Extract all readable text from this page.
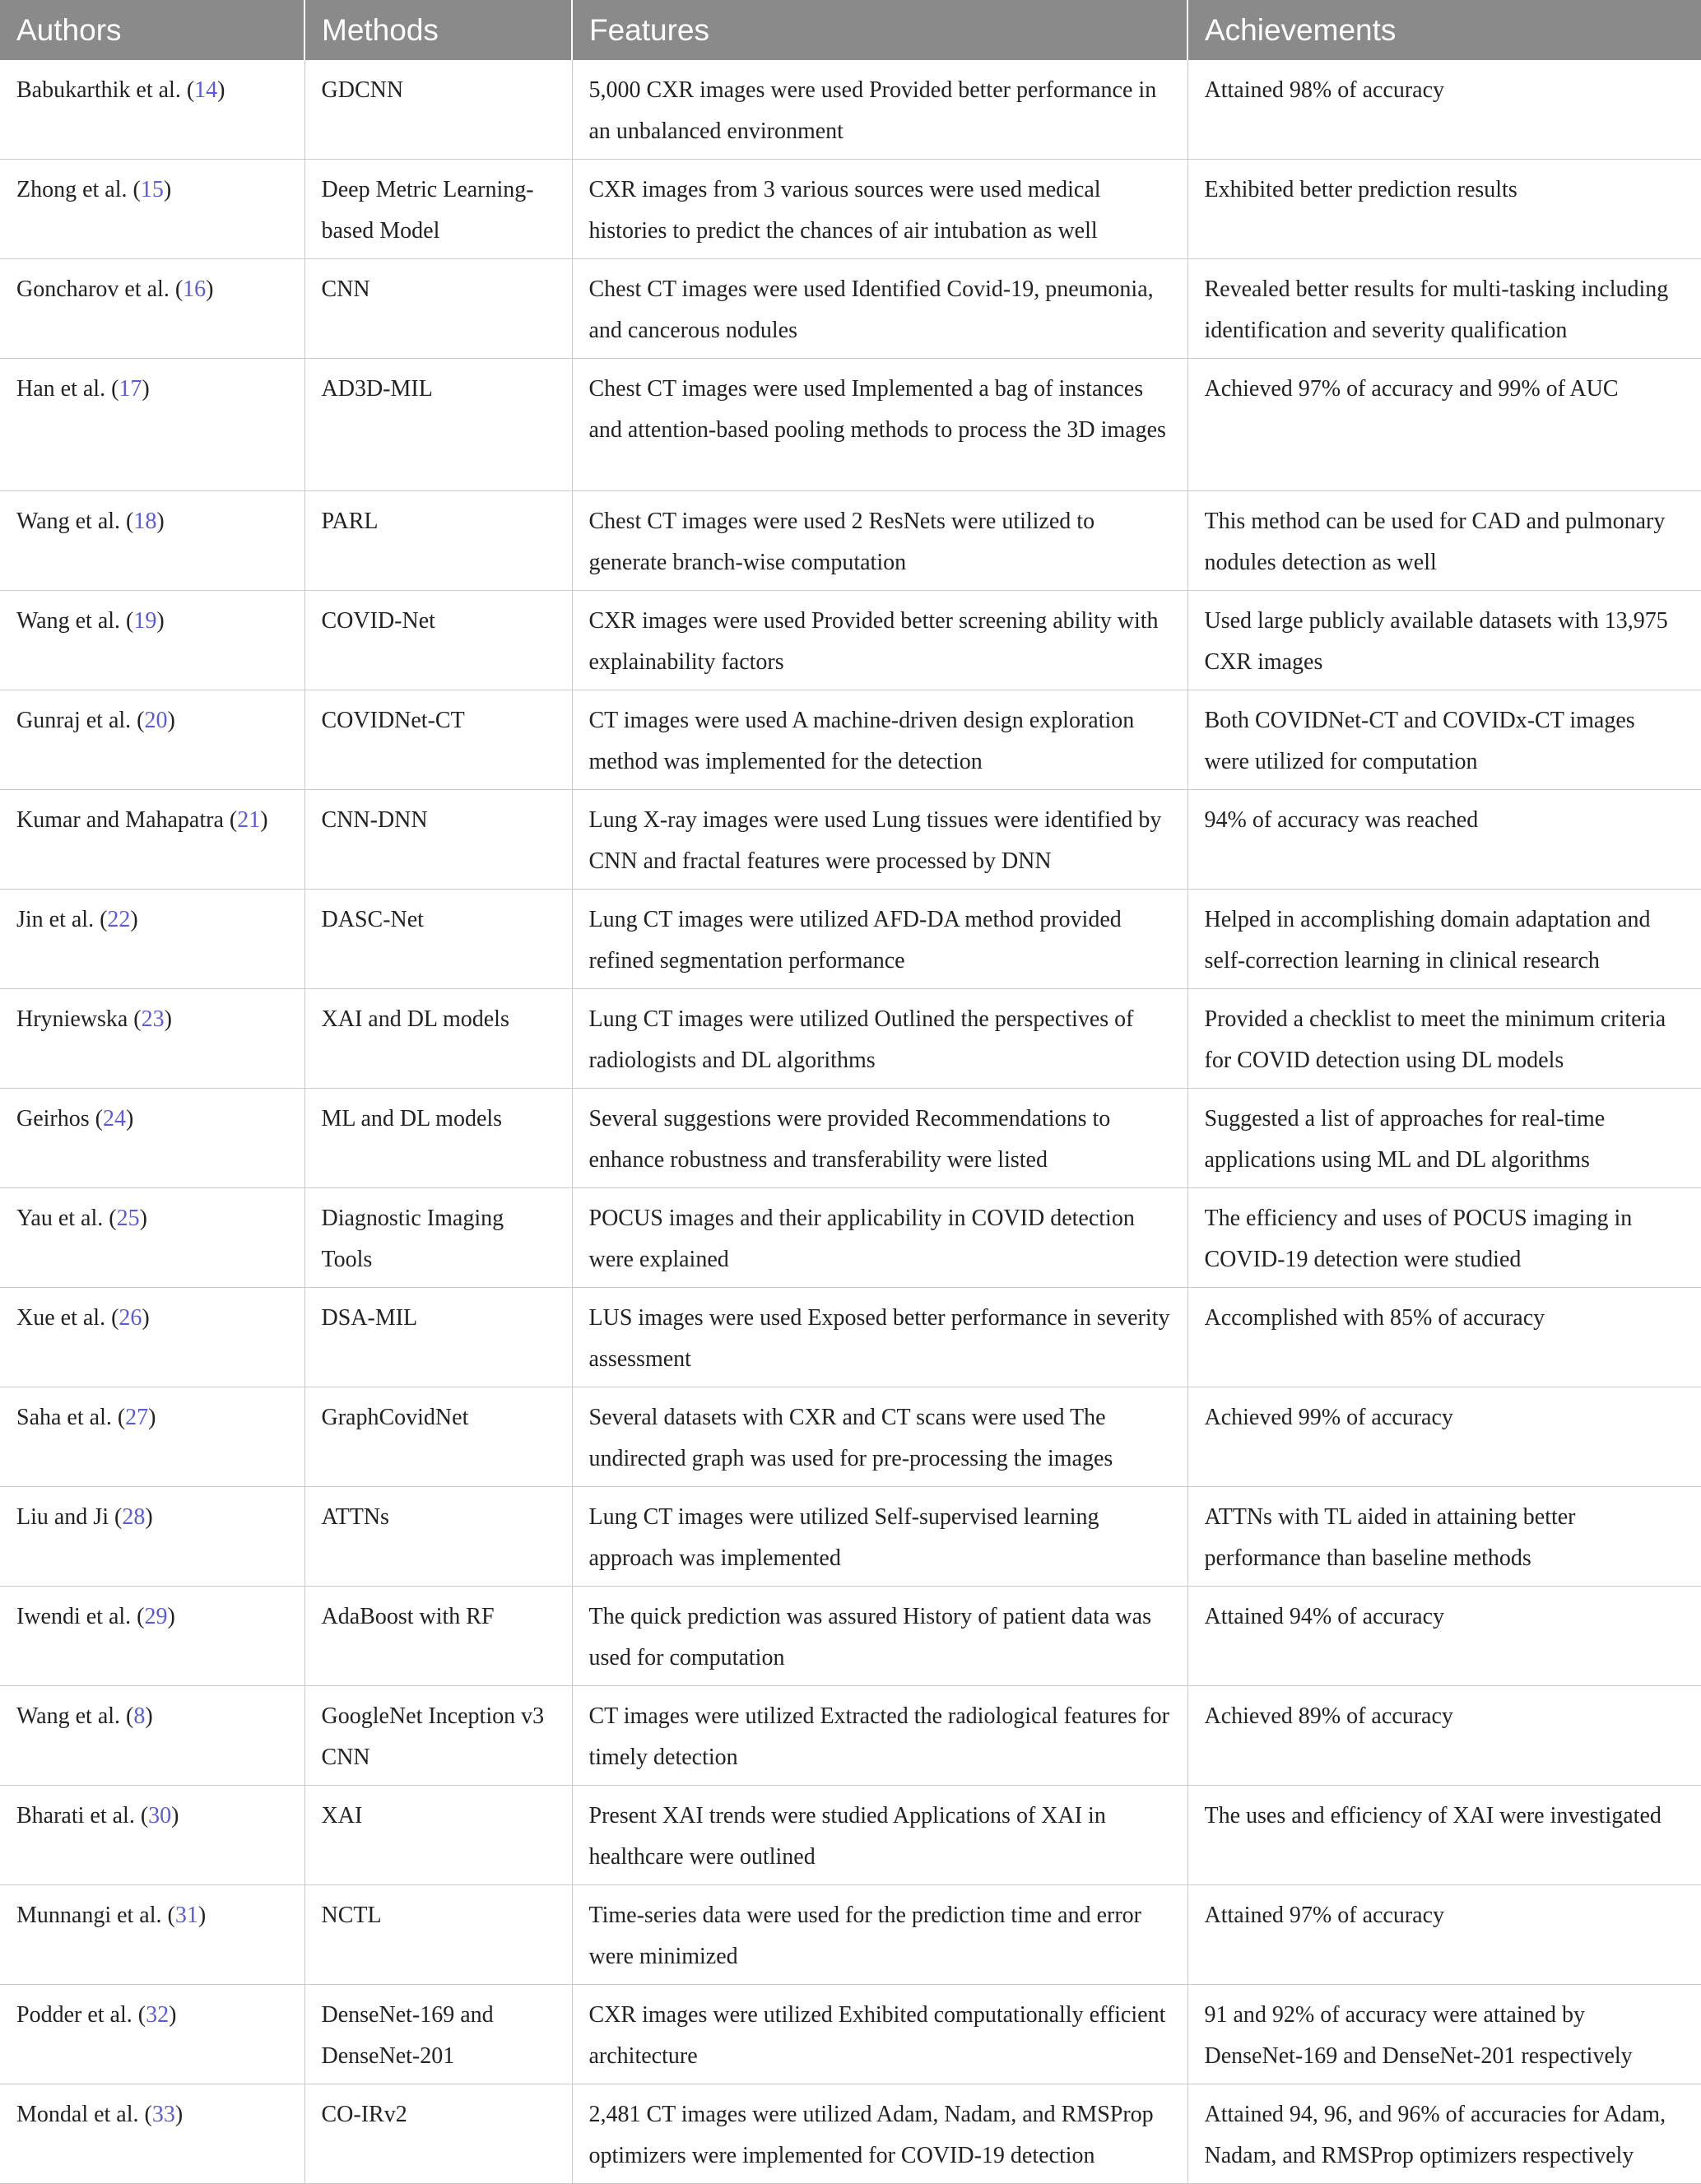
Authors	Methods	Features	Achievements
Babukarthik et al. (14)	GDCNN	5,000 CXR images were used Provided better performance in an unbalanced environment	Attained 98% of accuracy
Zhong et al. (15)	Deep Metric Learning-based Model	CXR images from 3 various sources were used medical histories to predict the chances of air intubation as well	Exhibited better prediction results
Goncharov et al. (16)	CNN	Chest CT images were used Identified Covid-19, pneumonia, and cancerous nodules	Revealed better results for multi-tasking including identification and severity qualification
Han et al. (17)	AD3D-MIL	Chest CT images were used Implemented a bag of instances and attention-based pooling methods to process the 3D images	Achieved 97% of accuracy and 99% of AUC
Wang et al. (18)	PARL	Chest CT images were used 2 ResNets were utilized to generate branch-wise computation	This method can be used for CAD and pulmonary nodules detection as well
Wang et al. (19)	COVID-Net	CXR images were used Provided better screening ability with explainability factors	Used large publicly available datasets with 13,975 CXR images
Gunraj et al. (20)	COVIDNet-CT	CT images were used A machine-driven design exploration method was implemented for the detection	Both COVIDNet-CT and COVIDx-CT images were utilized for computation
Kumar and Mahapatra (21)	CNN-DNN	Lung X-ray images were used Lung tissues were identified by CNN and fractal features were processed by DNN	94% of accuracy was reached
Jin et al. (22)	DASC-Net	Lung CT images were utilized AFD-DA method provided refined segmentation performance	Helped in accomplishing domain adaptation and self-correction learning in clinical research
Hryniewska (23)	XAI and DL models	Lung CT images were utilized Outlined the perspectives of radiologists and DL algorithms	Provided a checklist to meet the minimum criteria for COVID detection using DL models
Geirhos (24)	ML and DL models	Several suggestions were provided Recommendations to enhance robustness and transferability were listed	Suggested a list of approaches for real-time applications using ML and DL algorithms
Yau et al. (25)	Diagnostic Imaging Tools	POCUS images and their applicability in COVID detection were explained	The efficiency and uses of POCUS imaging in COVID-19 detection were studied
Xue et al. (26)	DSA-MIL	LUS images were used Exposed better performance in severity assessment	Accomplished with 85% of accuracy
Saha et al. (27)	GraphCovidNet	Several datasets with CXR and CT scans were used The undirected graph was used for pre-processing the images	Achieved 99% of accuracy
Liu and Ji (28)	ATTNs	Lung CT images were utilized Self-supervised learning approach was implemented	ATTNs with TL aided in attaining better performance than baseline methods
Iwendi et al. (29)	AdaBoost with RF	The quick prediction was assured History of patient data was used for computation	Attained 94% of accuracy
Wang et al. (8)	GoogleNet Inception v3 CNN	CT images were utilized Extracted the radiological features for timely detection	Achieved 89% of accuracy
Bharati et al. (30)	XAI	Present XAI trends were studied Applications of XAI in healthcare were outlined	The uses and efficiency of XAI were investigated
Munnangi et al. (31)	NCTL	Time-series data were used for the prediction time and error were minimized	Attained 97% of accuracy
Podder et al. (32)	DenseNet-169 and DenseNet-201	CXR images were utilized Exhibited computationally efficient architecture	91 and 92% of accuracy were attained by DenseNet-169 and DenseNet-201 respectively
Mondal et al. (33)	CO-IRv2	2,481 CT images were utilized Adam, Nadam, and RMSProp optimizers were implemented for COVID-19 detection	Attained 94, 96, and 96% of accuracies for Adam, Nadam, and RMSProp optimizers respectively
